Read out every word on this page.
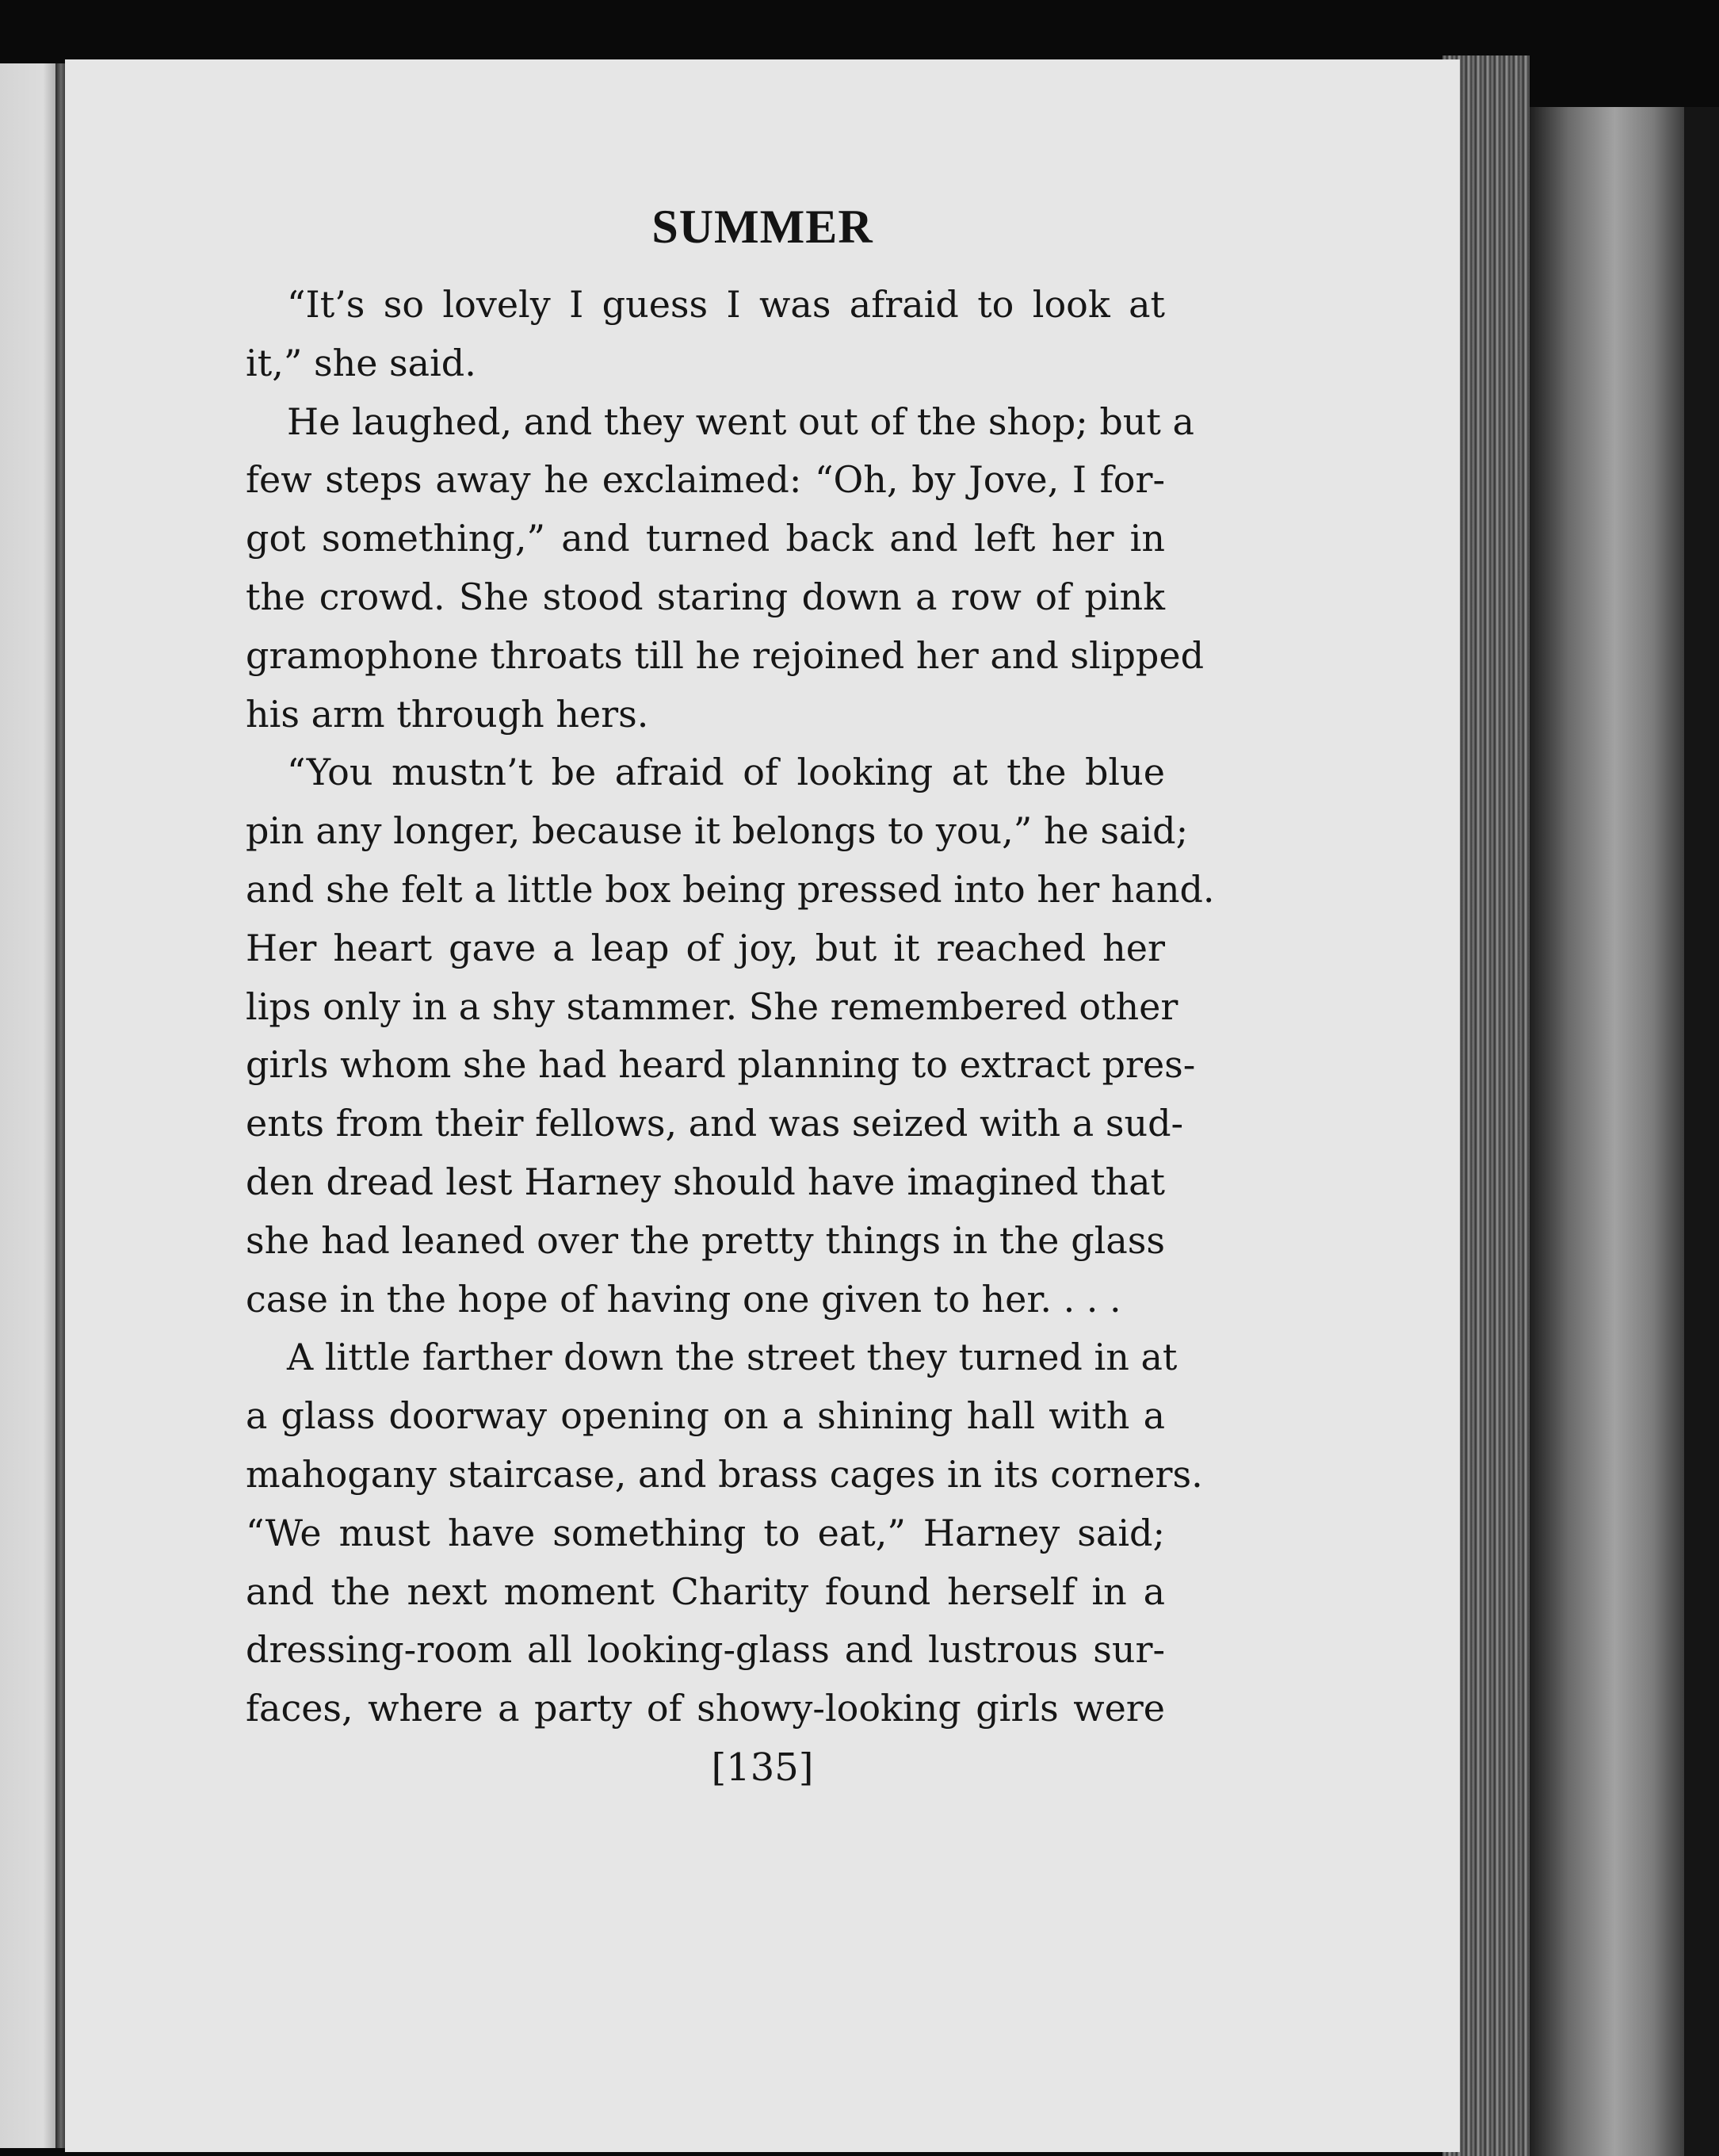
SUMMER
“It’s so lovely I guess I was afraid to look at
it,” she said.
He laughed, and they went out of the shop; but a
few steps away he exclaimed: “Oh, by Jove, I for-
got something,” and turned back and left her in
the crowd. She stood staring down a row of pink
gramophone throats till he rejoined her and slipped
his arm through hers.
“You mustn’t be afraid of looking at the blue
pin any longer, because it belongs to you,” he said;
and she felt a little box being pressed into her hand.
Her heart gave a leap of joy, but it reached her
lips only in a shy stammer. She remembered other
girls whom she had heard planning to extract pres-
ents from their fellows, and was seized with a sud-
den dread lest Harney should have imagined that
she had leaned over the pretty things in the glass
case in the hope of having one given to her. . . .
A little farther down the street they turned in at
a glass doorway opening on a shining hall with a
mahogany staircase, and brass cages in its corners.
“We must have something to eat,” Harney said;
and the next moment Charity found herself in a
dressing-room all looking-glass and lustrous sur-
faces, where a party of showy-looking girls were
[135]
